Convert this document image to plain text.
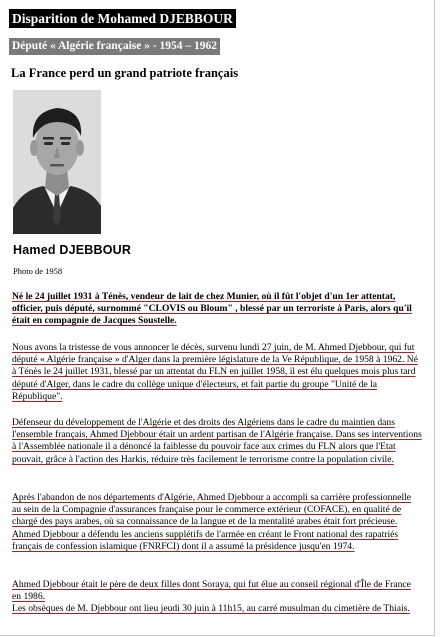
Disparition de Mohamed DJEBBOUR
Député « Algérie française » - 1954 – 1962
La France perd un grand patriote français
Hamed DJEBBOUR
Photo de 1958

Né le 24 juillet 1931 à Ténès, vendeur de lait de chez Munier, où il fût l'objet d'un 1er attentat, officier, puis député, surnommé "CLOVIS ou Bloum" , blessé par un terroriste à Paris, alors qu'il était en compagnie de Jacques Soustelle.

Nous avons la tristesse de vous annoncer le décès, survenu lundi 27 juin, de M. Ahmed Djebbour, qui fut député « Algérie française » d'Alger dans la première législature de la Ve République, de 1958 à 1962. Né à Ténès le 24 juillet 1931, blessé par un attentat du FLN en juillet 1958, il est élu quelques mois plus tard député d'Alger, dans le cadre du collège unique d'électeurs, et fait partie du groupe "Unité de la République".

Défenseur du développement de l'Algérie et des droits des Algériens dans le cadre du maintien dans l'ensemble français, Ahmed Djebbour était un ardent partisan de l'Algérie française. Dans ses interventions à l'Assemblée nationale il a dénoncé la faiblesse du pouvoir face aux crimes du FLN alors que l'Etat pouvait, grâce à l'action des Harkis, réduire très facilement le terrorisme contre la population civile.

Après l'abandon de nos départements d'Algérie, Ahmed Djebbour a accompli sa carrière professionnelle au sein de la Compagnie d'assurances française pour le commerce extérieur (COFACE), en qualité de chargé des pays arabes, où sa connaissance de la langue et de la mentalité arabes était fort précieuse. Ahmed Djebbour a défendu les anciens supplétifs de l'armée en créant le Front national des rapatriés français de confession islamique (FNRFCI) dont il a assumé la présidence jusqu'en 1974.

Ahmed Djebbour était le père de deux filles dont Soraya, qui fut élue au conseil régional d'Île de France en 1986.

Les obsèques de M. Djebbour ont lieu jeudi 30 juin à 11h15, au carré musulman du cimetière de Thiais.
